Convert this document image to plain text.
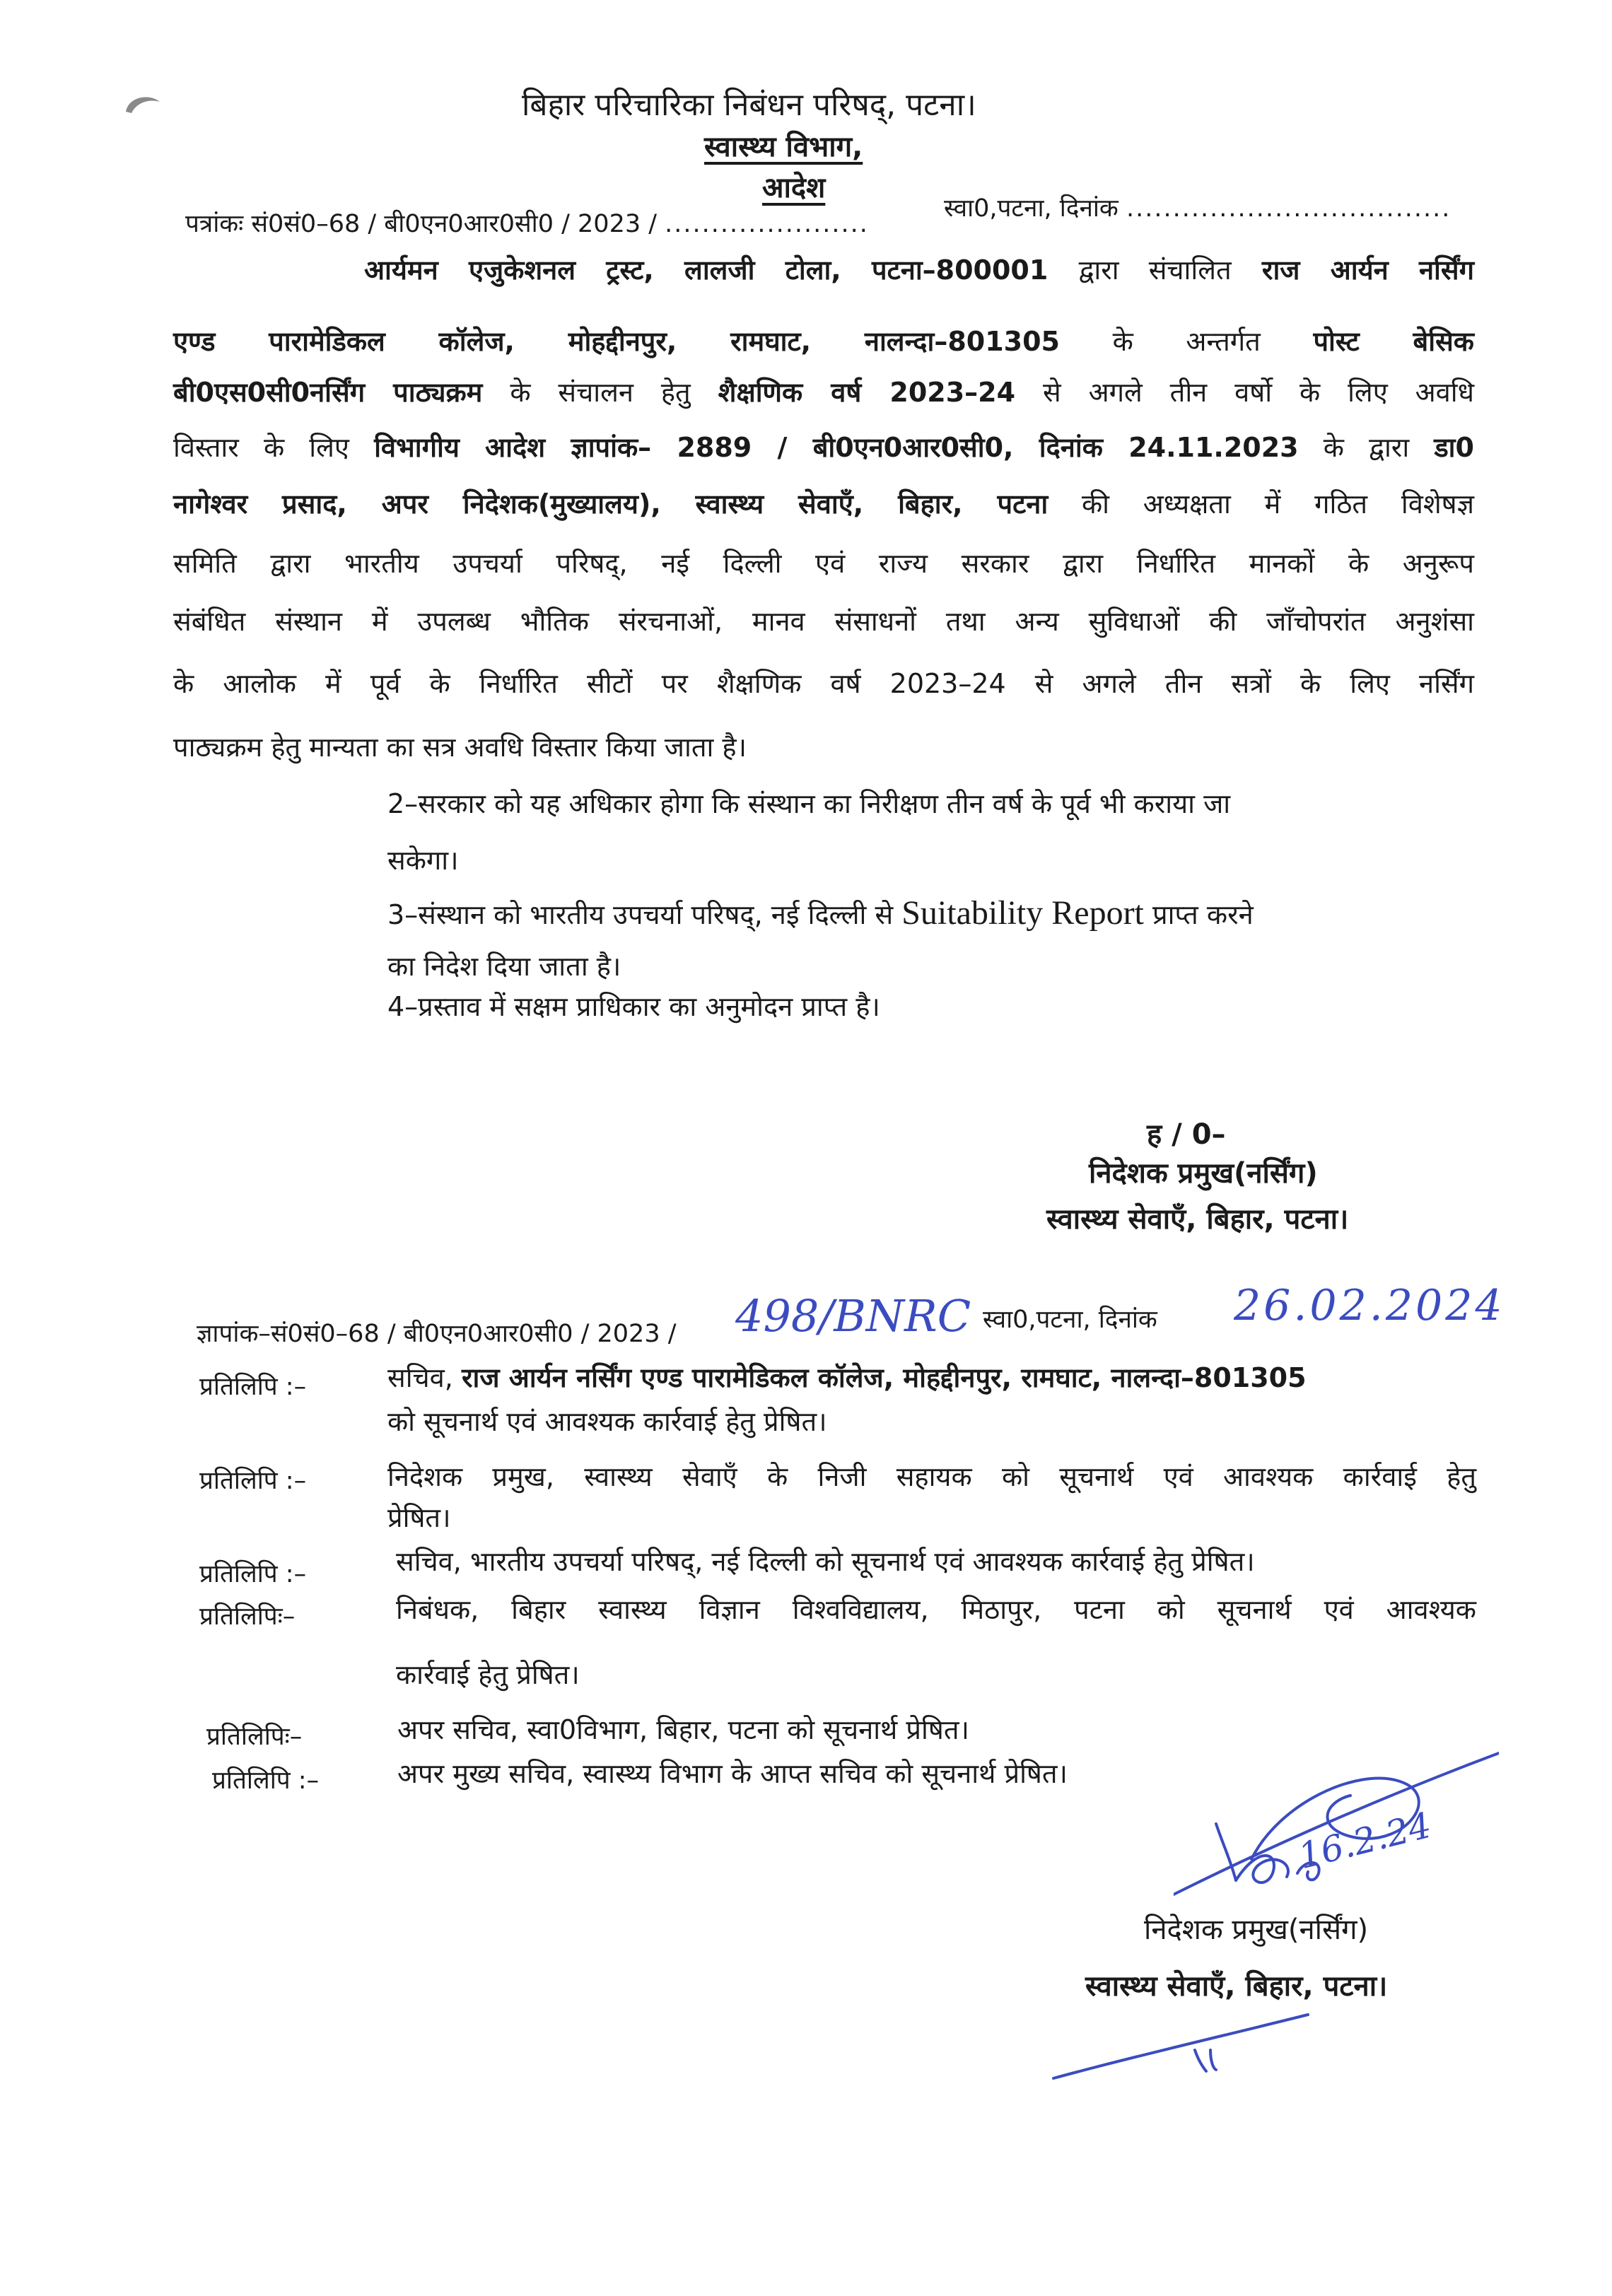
बिहार परिचारिका निबंधन परिषद्, पटना।
स्वास्थ्य विभाग,
आदेश
पत्रांकः सं0सं0–68 / बी0एन0आर0सी0 / 2023 / ......................
स्वा0,पटना, दिनांक ...................................
आर्यमन एजुकेशनल ट्रस्ट, लालजी टोला, पटना–800001 द्वारा संचालित राज आर्यन नर्सिंग
एण्ड पारामेडिकल कॉलेज, मोहद्दीनपुर, रामघाट, नालन्दा–801305 के अन्तर्गत पोस्ट बेसिक
बी0एस0सी0नर्सिंग पाठ्यक्रम के संचालन हेतु शैक्षणिक वर्ष 2023–24 से अगले तीन वर्षो के लिए अवधि
विस्तार के लिए विभागीय आदेश ज्ञापांक– 2889 / बी0एन0आर0सी0, दिनांक 24.11.2023 के द्वारा डा0
नागेश्वर प्रसाद, अपर निदेशक(मुख्यालय), स्वास्थ्य सेवाएँ, बिहार, पटना की अध्यक्षता में गठित विशेषज्ञ
समिति द्वारा भारतीय उपचर्या परिषद्, नई दिल्ली एवं राज्य सरकार द्वारा निर्धारित मानकों के अनुरूप
संबंधित संस्थान में उपलब्ध भौतिक संरचनाओं, मानव संसाधनों तथा अन्य सुविधाओं की जाँचोपरांत अनुशंसा
के आलोक में पूर्व के निर्धारित सीटों पर शैक्षणिक वर्ष 2023–24 से अगले तीन सत्रों के लिए नर्सिंग
पाठ्यक्रम हेतु मान्यता का सत्र अवधि विस्तार किया जाता है।
2–सरकार को यह अधिकार होगा कि संस्थान का निरीक्षण तीन वर्ष के पूर्व भी कराया जा
सकेगा।
3–संस्थान को भारतीय उपचर्या परिषद्, नई दिल्ली से Suitability Report प्राप्त करने
का निदेश दिया जाता है।
4–प्रस्ताव में सक्षम प्राधिकार का अनुमोदन प्राप्त है।
ह / 0–
निदेशक प्रमुख(नर्सिंग)
स्वास्थ्य सेवाएँ, बिहार, पटना।
ज्ञापांक–सं0सं0–68 / बी0एन0आर0सी0 / 2023 / 498/BNRC स्वा0,पटना, दिनांक 26.02.2024
प्रतिलिपि :–	सचिव, राज आर्यन नर्सिंग एण्ड पारामेडिकल कॉलेज, मोहद्दीनपुर, रामघाट, नालन्दा–801305
को सूचनार्थ एवं आवश्यक कार्रवाई हेतु प्रेषित।
प्रतिलिपि :–	निदेशक प्रमुख, स्वास्थ्य सेवाएँ के निजी सहायक को सूचनार्थ एवं आवश्यक कार्रवाई हेतु
प्रेषित।
प्रतिलिपि :–	सचिव, भारतीय उपचर्या परिषद्, नई दिल्ली को सूचनार्थ एवं आवश्यक कार्रवाई हेतु प्रेषित।
प्रतिलिपिः–	निबंधक, बिहार स्वास्थ्य विज्ञान विश्वविद्यालय, मिठापुर, पटना को सूचनार्थ एवं आवश्यक
कार्रवाई हेतु प्रेषित।
प्रतिलिपिः–	अपर सचिव, स्वा0विभाग, बिहार, पटना को सूचनार्थ प्रेषित।
प्रतिलिपि :–	अपर मुख्य सचिव, स्वास्थ्य विभाग के आप्त सचिव को सूचनार्थ प्रेषित।
16.2.24
निदेशक प्रमुख(नर्सिंग)
स्वास्थ्य सेवाएँ, बिहार, पटना।
